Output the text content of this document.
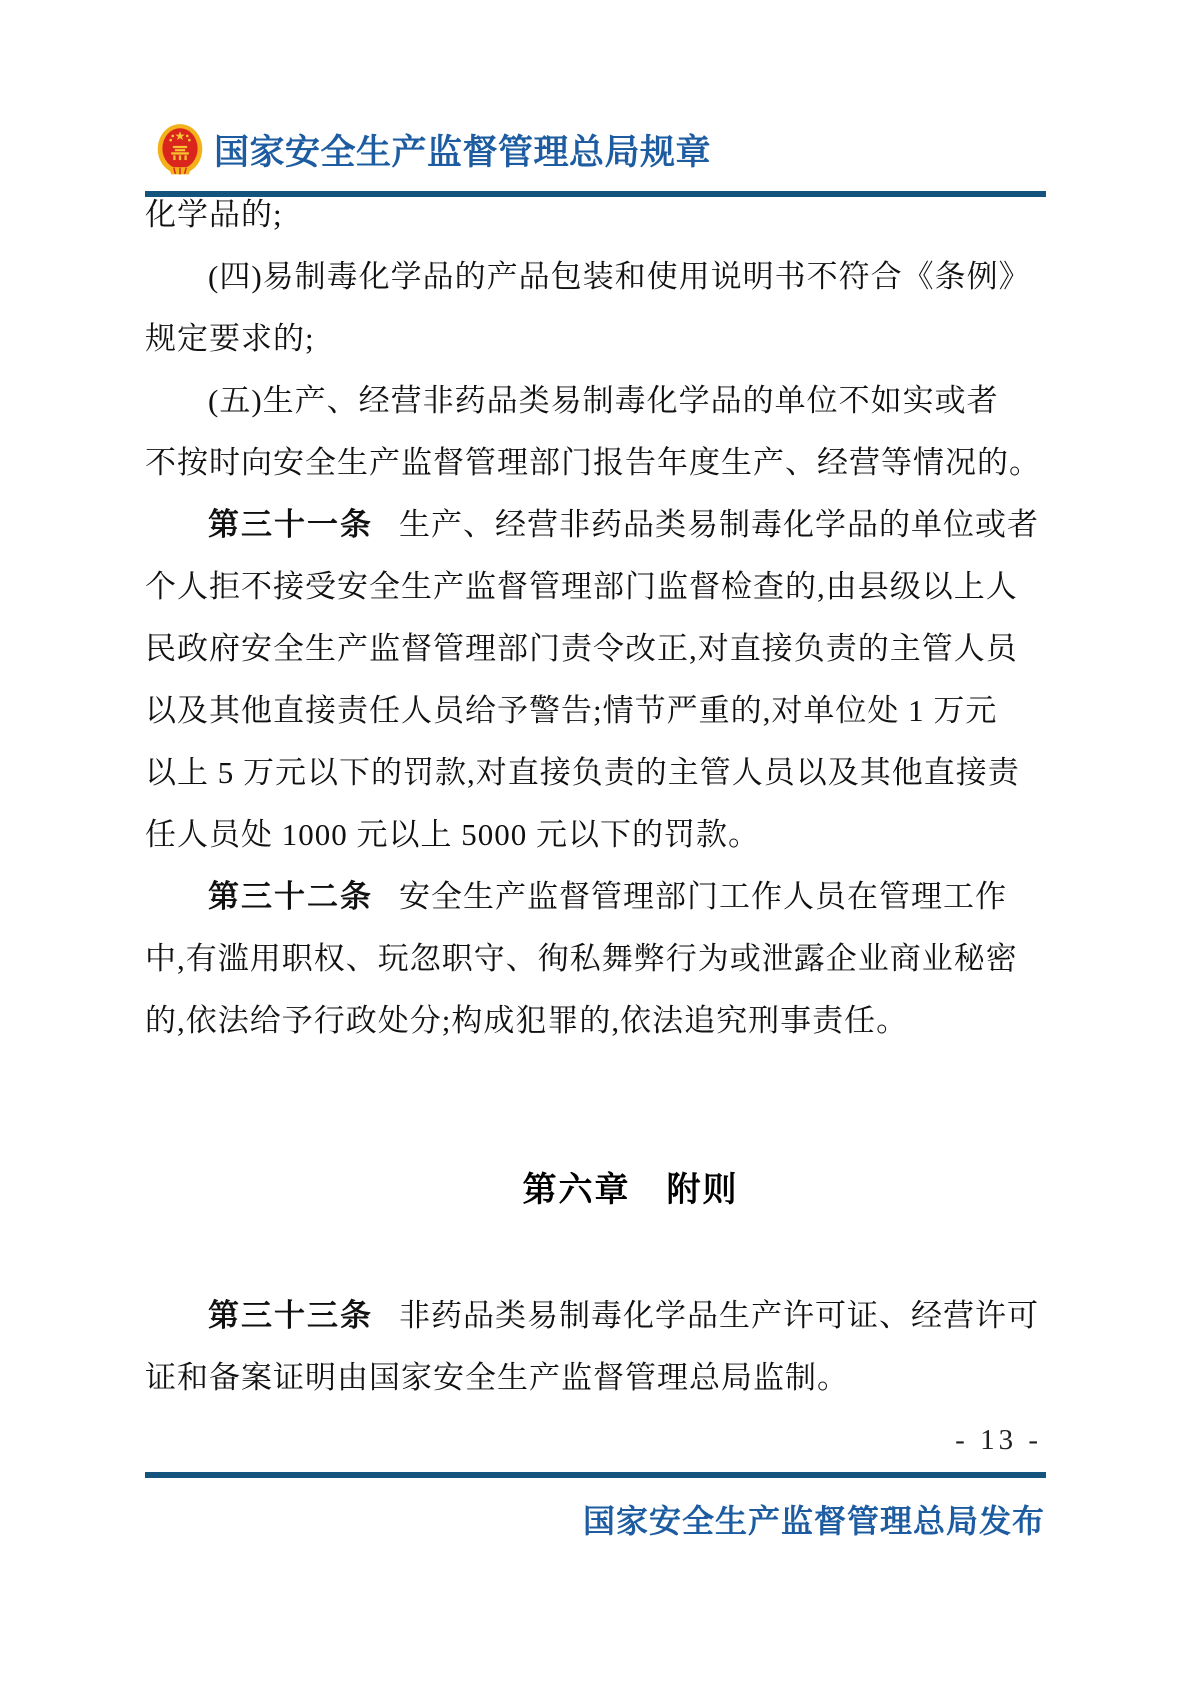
国家安全生产监督管理总局规章
化学品的;
(四)易制毒化学品的产品包装和使用说明书不符合《条例》
规定要求的;
(五)生产、经营非药品类易制毒化学品的单位不如实或者
不按时向安全生产监督管理部门报告年度生产、经营等情况的。
第三十一条 生产、经营非药品类易制毒化学品的单位或者
个人拒不接受安全生产监督管理部门监督检查的,由县级以上人
民政府安全生产监督管理部门责令改正,对直接负责的主管人员
以及其他直接责任人员给予警告;情节严重的,对单位处 1 万元
以上 5 万元以下的罚款,对直接负责的主管人员以及其他直接责
任人员处 1000 元以上 5000 元以下的罚款。
第三十二条 安全生产监督管理部门工作人员在管理工作
中,有滥用职权、玩忽职守、徇私舞弊行为或泄露企业商业秘密
的,依法给予行政处分;构成犯罪的,依法追究刑事责任。
第六章　附则
第三十三条 非药品类易制毒化学品生产许可证、经营许可
证和备案证明由国家安全生产监督管理总局监制。
- 13 -
国家安全生产监督管理总局发布
